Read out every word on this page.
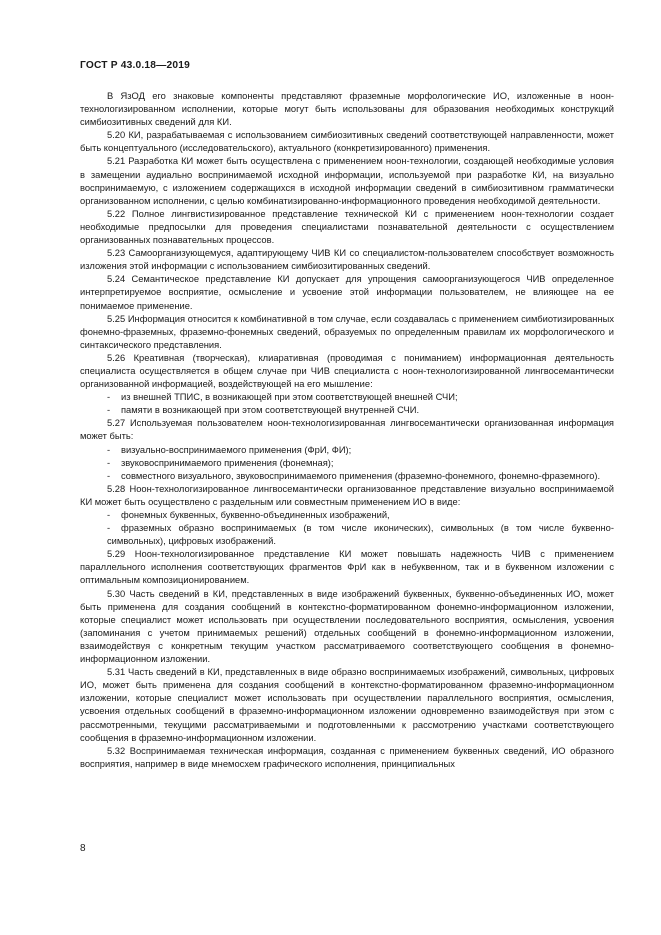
ГОСТ Р 43.0.18—2019

В ЯзОД его знаковые компоненты представляют фраземные морфологические ИО, изложенные в ноон-технологизированном исполнении, которые могут быть использованы для образования необходимых конструкций симбиозитивных сведений для КИ.

5.20 КИ, разрабатываемая с использованием симбиозитивных сведений соответствующей направленности, может быть концептуального (исследовательского), актуального (конкретизированного) применения.

5.21 Разработка КИ может быть осуществлена с применением ноон-технологии, создающей необходимые условия в замещении аудиально воспринимаемой исходной информации, используемой при разработке КИ, на визуально воспринимаемую, с изложением содержащихся в исходной информации сведений в симбиозитивном грамматически организованном исполнении, с целью комбинатизированно-информационного проведения необходимой деятельности.

5.22 Полное лингвистизированное представление технической КИ с применением ноон-технологии создает необходимые предпосылки для проведения специалистами познавательной деятельности с осуществлением организованных познавательных процессов.

5.23 Самоорганизующемуся, адаптирующему ЧИВ КИ со специалистом-пользователем способствует возможность изложения этой информации с использованием симбиозитированных сведений.

5.24 Семантическое представление КИ допускает для упрощения самоорганизующегося ЧИВ определенное интерпретируемое восприятие, осмысление и усвоение этой информации пользователем, не влияющее на ее понимаемое применение.

5.25 Информация относится к комбинативной в том случае, если создавалась с применением симбиотизированных фонемно-фраземных, фраземно-фонемных сведений, образуемых по определенным правилам их морфологического и синтаксического представления.

5.26 Креативная (творческая), клиаративная (проводимая с пониманием) информационная деятельность специалиста осуществляется в общем случае при ЧИВ специалиста с ноон-технологизированной лингвосемантически организованной информацией, воздействующей на его мышление:

- из внешней ТПИС, в возникающей при этом соответствующей внешней СЧИ;

- памяти в возникающей при этом соответствующей внутренней СЧИ.

5.27 Используемая пользователем ноон-технологизированная лингвосемантически организованная информация может быть:

- визуально-воспринимаемого применения (ФрИ, ФИ);

- звуковоспринимаемого применения (фонемная);

- совместного визуального, звуковоспринимаемого применения (фраземно-фонемного, фонемно-фраземного).

5.28 Ноон-технологизированное лингвосемантически организованное представление визуально воспринимаемой КИ может быть осуществлено с раздельным или совместным применением ИО в виде:

- фонемных буквенных, буквенно-объединенных изображений,

- фраземных образно воспринимаемых (в том числе иконических), символьных (в том числе буквенно-символьных), цифровых изображений.

5.29 Ноон-технологизированное представление КИ может повышать надежность ЧИВ с применением параллельного исполнения соответствующих фрагментов ФрИ как в небуквенном, так и в буквенном изложении с оптимальным композиционированием.

5.30 Часть сведений в КИ, представленных в виде изображений буквенных, буквенно-объединенных ИО, может быть применена для создания сообщений в контекстно-форматированном фонемно-информационном изложении, которые специалист может использовать при осуществлении последовательного восприятия, осмысления, усвоения (запоминания с учетом принимаемых решений) отдельных сообщений в фонемно-информационном изложении, взаимодействуя с конкретным текущим участком рассматриваемого соответствующего сообщения в фонемно-информационном изложении.

5.31 Часть сведений в КИ, представленных в виде образно воспринимаемых изображений, символьных, цифровых ИО, может быть применена для создания сообщений в контекстно-форматированном фраземно-информационном изложении, которые специалист может использовать при осуществлении параллельного восприятия, осмысления, усвоения отдельных сообщений в фраземно-информационном изложении одновременно взаимодействуя при этом с рассмотренными, текущими рассматриваемыми и подготовленными к рассмотрению участками соответствующего сообщения в фраземно-информационном изложении.

5.32 Воспринимаемая техническая информация, созданная с применением буквенных сведений, ИО образного восприятия, например в виде мнемосхем графического исполнения, принципиальных

8
